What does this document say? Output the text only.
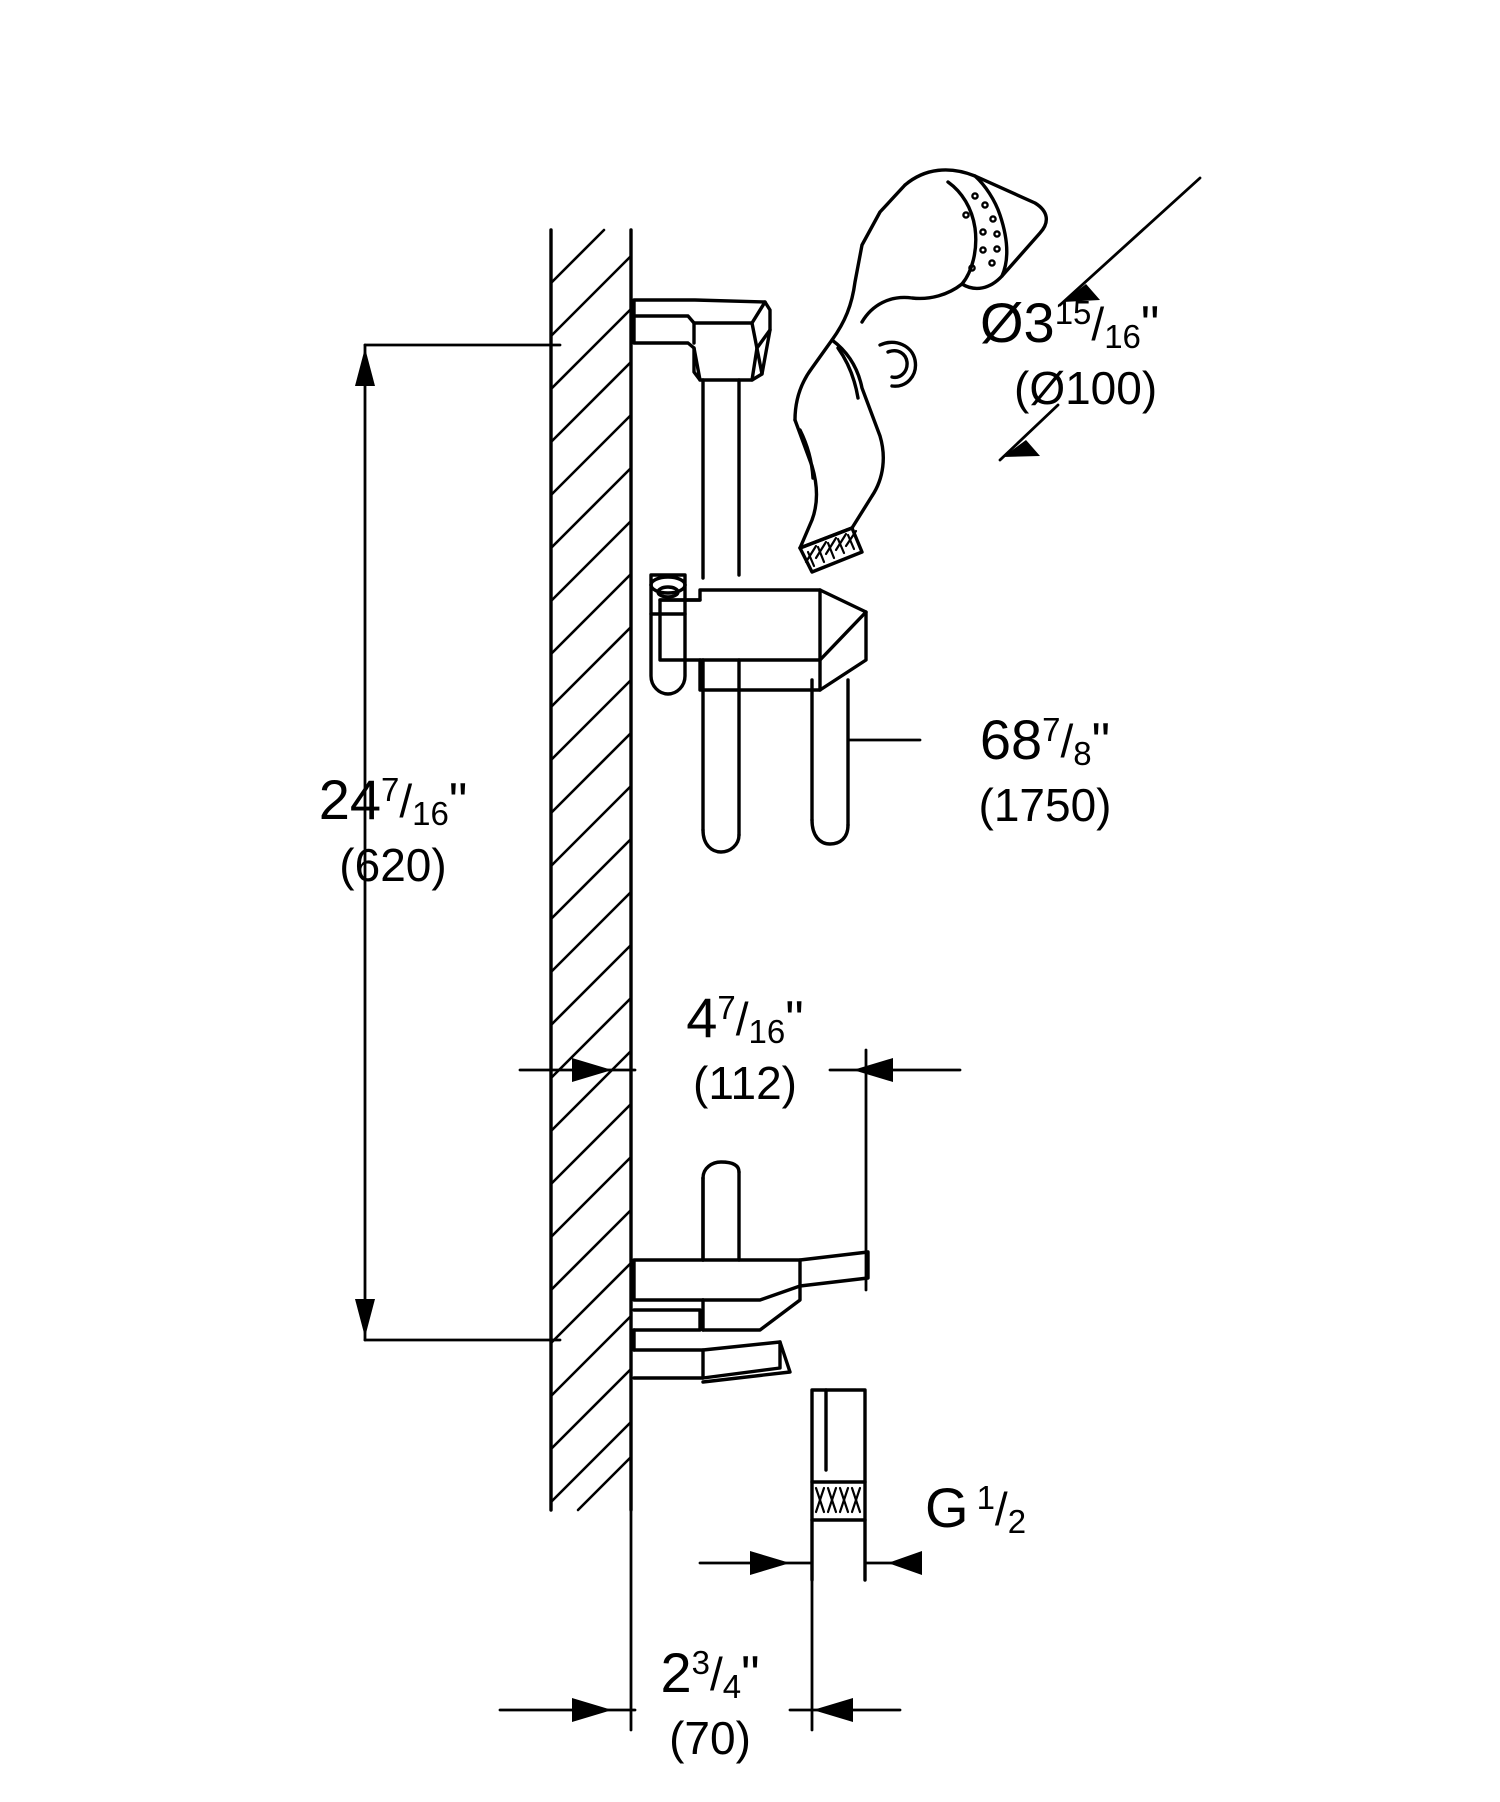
247/16"
(620)
Ø315/16"
(Ø100)
687/8"
(1750)
47/16"
(112)
G 1/2
23/4"
(70)
